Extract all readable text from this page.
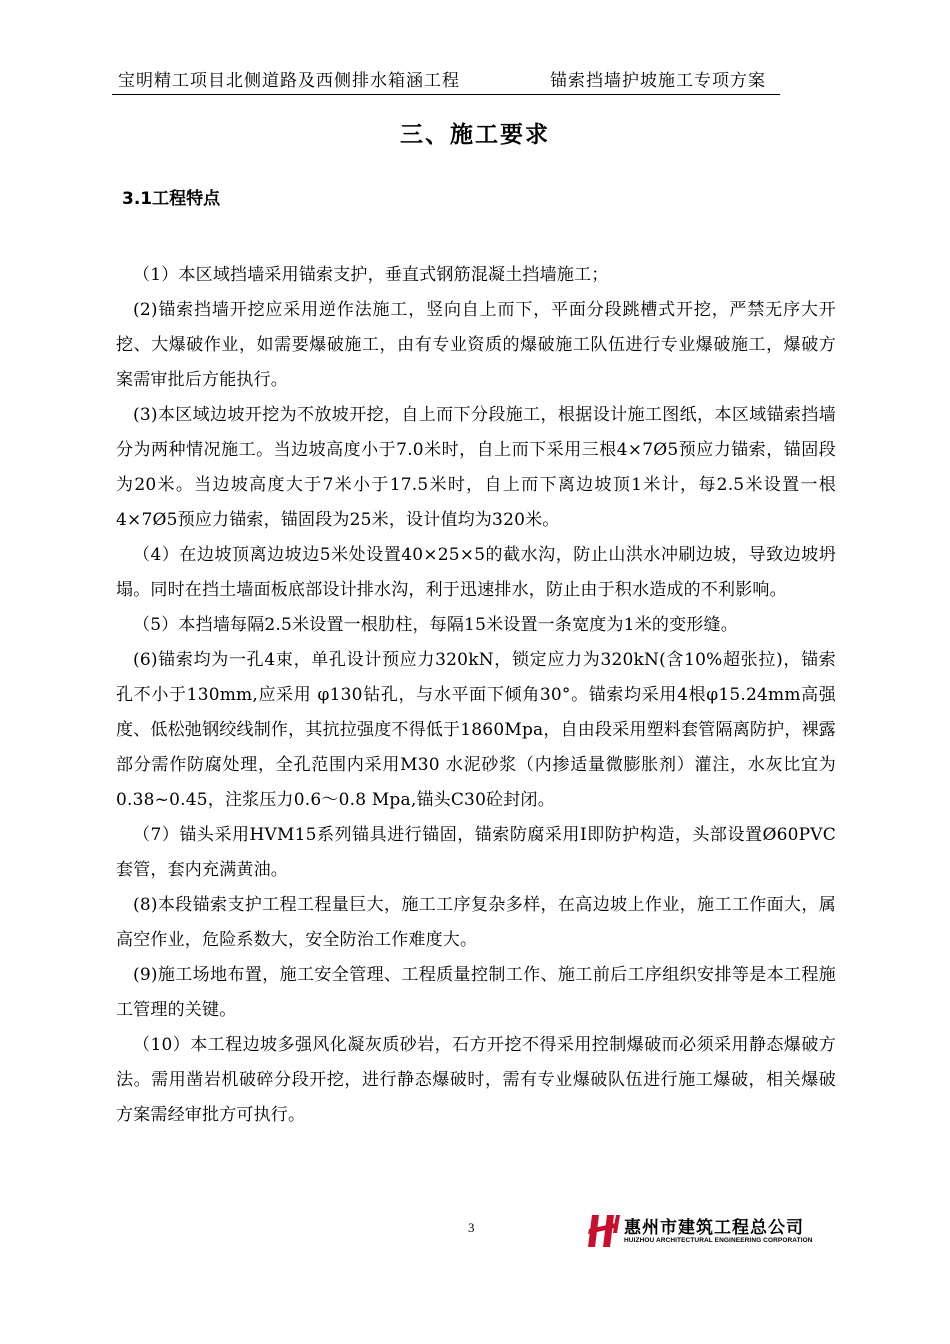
宝明精工项目北侧道路及西侧排水箱涵工程	锚索挡墙护坡施工专项方案
三、施工要求
3.1工程特点

（1）本区域挡墙采用锚索支护，垂直式钢筋混凝土挡墙施工；

(2)锚索挡墙开挖应采用逆作法施工，竖向自上而下，平面分段跳槽式开挖，严禁无序大开挖、大爆破作业，如需要爆破施工，由有专业资质的爆破施工队伍进行专业爆破施工，爆破方案需审批后方能执行。

(3)本区域边坡开挖为不放坡开挖，自上而下分段施工，根据设计施工图纸，本区域锚索挡墙分为两种情况施工。当边坡高度小于7.0米时，自上而下采用三根4×7Ø5预应力锚索，锚固段为20米。当边坡高度大于7米小于17.5米时，自上而下离边坡顶1米计，每2.5米设置一根4×7Ø5预应力锚索，锚固段为25米，设计值均为320米。

（4）在边坡顶离边坡边5米处设置40×25×5的截水沟，防止山洪水冲刷边坡，导致边坡坍塌。同时在挡土墙面板底部设计排水沟，利于迅速排水，防止由于积水造成的不利影响。

（5）本挡墙每隔2.5米设置一根肋柱，每隔15米设置一条宽度为1米的变形缝。

(6)锚索均为一孔4束，单孔设计预应力320kN，锁定应力为320kN(含10%超张拉)，锚索孔不小于130mm,应采用 φ130钻孔，与水平面下倾角30°。锚索均采用4根φ15.24mm高强度、低松弛钢绞线制作，其抗拉强度不得低于1860Mpa，自由段采用塑料套管隔离防护，裸露部分需作防腐处理，全孔范围内采用M30 水泥砂浆（内掺适量微膨胀剂）灌注，水灰比宜为0.38~0.45，注浆压力0.6～0.8 Mpa,锚头C30砼封闭。

（7）锚头采用HVM15系列锚具进行锚固，锚索防腐采用Ⅰ即防护构造，头部设置Ø60PVC套管，套内充满黄油。

(8)本段锚索支护工程工程量巨大，施工工序复杂多样，在高边坡上作业，施工工作面大，属高空作业，危险系数大，安全防治工作难度大。

(9)施工场地布置，施工安全管理、工程质量控制工作、施工前后工序组织安排等是本工程施工管理的关键。

（10）本工程边坡多强风化凝灰质砂岩，石方开挖不得采用控制爆破而必须采用静态爆破方法。需用凿岩机破碎分段开挖，进行静态爆破时，需有专业爆破队伍进行施工爆破，相关爆破方案需经审批方可执行。

3	惠州市建筑工程总公司
HUIZHOU ARCHITECTURAL ENGINEERING CORPORATION
